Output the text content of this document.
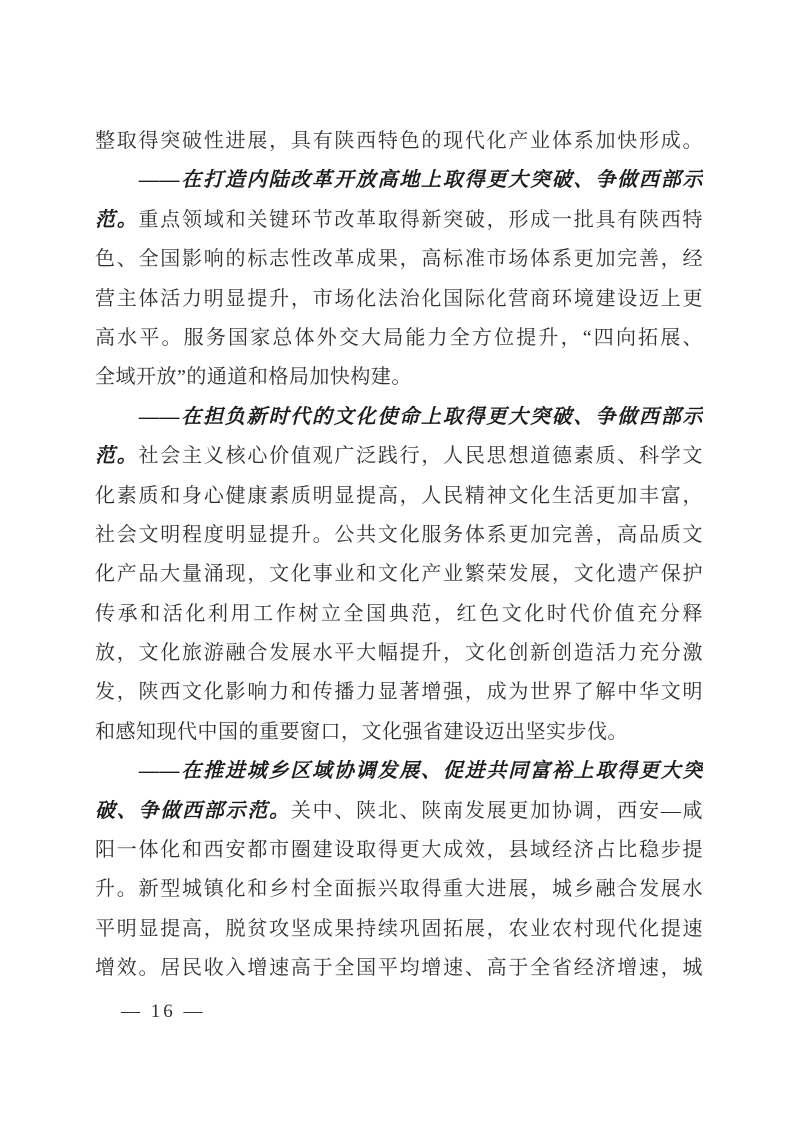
整取得突破性进展，具有陕西特色的现代化产业体系加快形成。
——在打造内陆改革开放高地上取得更大突破、争做西部示
范。重点领域和关键环节改革取得新突破，形成一批具有陕西特
色、全国影响的标志性改革成果，高标准市场体系更加完善，经
营主体活力明显提升，市场化法治化国际化营商环境建设迈上更
高水平。服务国家总体外交大局能力全方位提升，“四向拓展、
全域开放”的通道和格局加快构建。
——在担负新时代的文化使命上取得更大突破、争做西部示
范。社会主义核心价值观广泛践行，人民思想道德素质、科学文
化素质和身心健康素质明显提高，人民精神文化生活更加丰富，
社会文明程度明显提升。公共文化服务体系更加完善，高品质文
化产品大量涌现，文化事业和文化产业繁荣发展，文化遗产保护
传承和活化利用工作树立全国典范，红色文化时代价值充分释
放，文化旅游融合发展水平大幅提升，文化创新创造活力充分激
发，陕西文化影响力和传播力显著增强，成为世界了解中华文明
和感知现代中国的重要窗口，文化强省建设迈出坚实步伐。
——在推进城乡区域协调发展、促进共同富裕上取得更大突
破、争做西部示范。关中、陕北、陕南发展更加协调，西安—咸
阳一体化和西安都市圈建设取得更大成效，县域经济占比稳步提
升。新型城镇化和乡村全面振兴取得重大进展，城乡融合发展水
平明显提高，脱贫攻坚成果持续巩固拓展，农业农村现代化提速
增效。居民收入增速高于全国平均增速、高于全省经济增速，城
— 16 —
